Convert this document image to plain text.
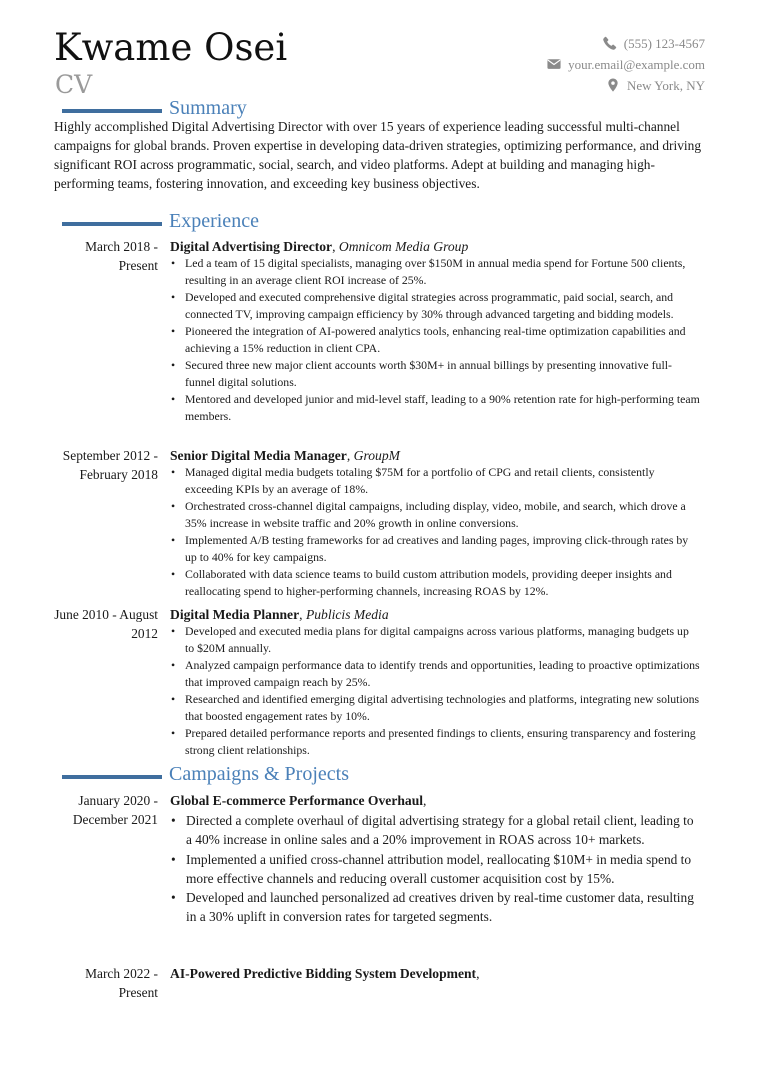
Kwame Osei
CV
(555) 123-4567
your.email@example.com
New York, NY
Summary

Highly accomplished Digital Advertising Director with over 15 years of experience leading successful multi-channel campaigns for global brands. Proven expertise in developing data-driven strategies, optimizing performance, and driving significant ROI across programmatic, social, search, and video platforms. Adept at building and managing high-performing teams, fostering innovation, and exceeding key business objectives.

Experience
March 2018 - Present
Digital Advertising Director, Omnicom Media Group
• Led a team of 15 digital specialists, managing over $150M in annual media spend for Fortune 500 clients, resulting in an average client ROI increase of 25%.
• Developed and executed comprehensive digital strategies across programmatic, paid social, search, and connected TV, improving campaign efficiency by 30% through advanced targeting and bidding models.
• Pioneered the integration of AI-powered analytics tools, enhancing real-time optimization capabilities and achieving a 15% reduction in client CPA.
• Secured three new major client accounts worth $30M+ in annual billings by presenting innovative full-funnel digital solutions.
• Mentored and developed junior and mid-level staff, leading to a 90% retention rate for high-performing team members.
September 2012 - February 2018
Senior Digital Media Manager, GroupM
• Managed digital media budgets totaling $75M for a portfolio of CPG and retail clients, consistently exceeding KPIs by an average of 18%.
• Orchestrated cross-channel digital campaigns, including display, video, mobile, and search, which drove a 35% increase in website traffic and 20% growth in online conversions.
• Implemented A/B testing frameworks for ad creatives and landing pages, improving click-through rates by up to 40% for key campaigns.
• Collaborated with data science teams to build custom attribution models, providing deeper insights and reallocating spend to higher-performing channels, increasing ROAS by 12%.
June 2010 - August 2012
Digital Media Planner, Publicis Media
• Developed and executed media plans for digital campaigns across various platforms, managing budgets up to $20M annually.
• Analyzed campaign performance data to identify trends and opportunities, leading to proactive optimizations that improved campaign reach by 25%.
• Researched and identified emerging digital advertising technologies and platforms, integrating new solutions that boosted engagement rates by 10%.
• Prepared detailed performance reports and presented findings to clients, ensuring transparency and fostering strong client relationships.
Campaigns & Projects
January 2020 - December 2021
Global E-commerce Performance Overhaul,
• Directed a complete overhaul of digital advertising strategy for a global retail client, leading to a 40% increase in online sales and a 20% improvement in ROAS across 10+ markets.
• Implemented a unified cross-channel attribution model, reallocating $10M+ in media spend to more effective channels and reducing overall customer acquisition cost by 15%.
• Developed and launched personalized ad creatives driven by real-time customer data, resulting in a 30% uplift in conversion rates for targeted segments.
March 2022 - Present
AI-Powered Predictive Bidding System Development,
